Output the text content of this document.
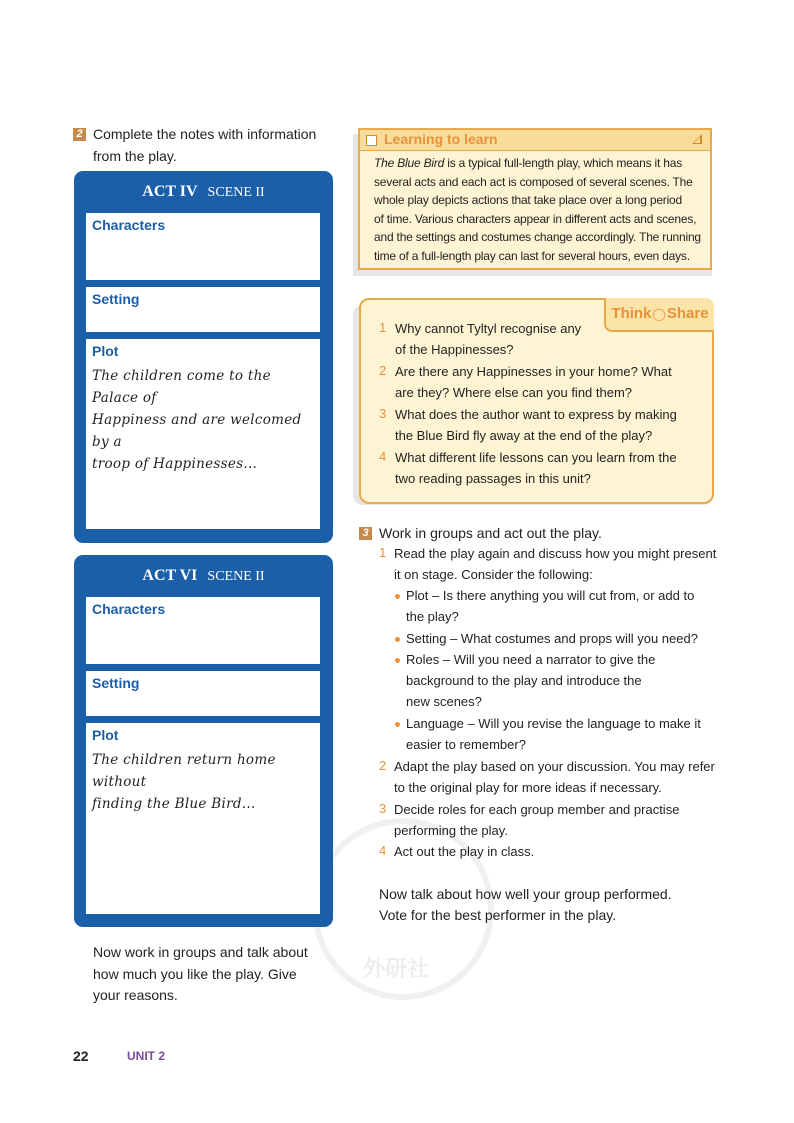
外研社
2 Complete the notes with information
from the play.
ACT IV SCENE II
Characters
Setting
Plot
The children come to the Palace of
Happiness and are welcomed by a
troop of Happinesses...
ACT VI SCENE II
Characters
Setting
Plot
The children return home without
finding the Blue Bird...
Now work in groups and talk about
how much you like the play. Give
your reasons.
Learning to learn
The Blue Bird is a typical full-length play, which means it has
several acts and each act is composed of several scenes. The
whole play depicts actions that take place over a long period
of time. Various characters appear in different acts and scenes,
and the settings and costumes change accordingly. The running
time of a full-length play can last for several hours, even days.
Think◯Share
1 Why cannot Tyltyl recognise any
of the Happinesses?
2 Are there any Happinesses in your home? What
are they? Where else can you find them?
3 What does the author want to express by making
the Blue Bird fly away at the end of the play?
4 What different life lessons can you learn from the
two reading passages in this unit?
3 Work in groups and act out the play.
1 Read the play again and discuss how you might present
it on stage. Consider the following:
Plot – Is there anything you will cut from, or add to
the play?
Setting – What costumes and props will you need?
Roles – Will you need a narrator to give the
background to the play and introduce the
new scenes?
Language – Will you revise the language to make it
easier to remember?
2 Adapt the play based on your discussion. You may refer
to the original play for more ideas if necessary.
3 Decide roles for each group member and practise
performing the play.
4 Act out the play in class.
Now talk about how well your group performed.
Vote for the best performer in the play.
22	UNIT 2
